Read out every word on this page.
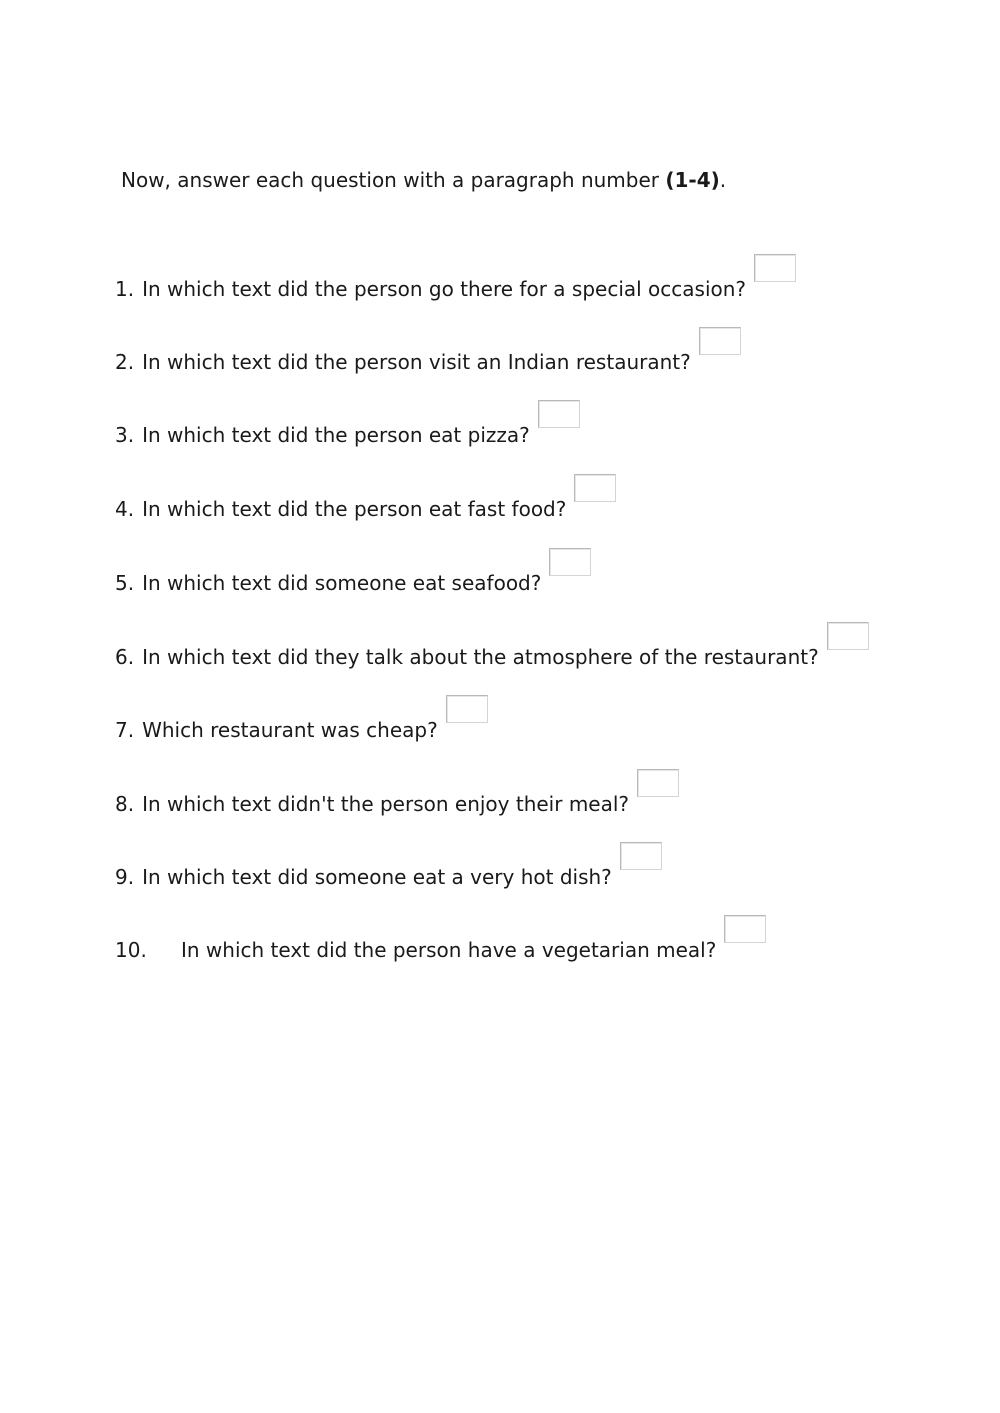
Now, answer each question with a paragraph number (1-4).
1. In which text did the person go there for a special occasion?
2. In which text did the person visit an Indian restaurant?
3. In which text did the person eat pizza?
4. In which text did the person eat fast food?
5. In which text did someone eat seafood?
6. In which text did they talk about the atmosphere of the restaurant?
7. Which restaurant was cheap?
8. In which text didn't the person enjoy their meal?
9. In which text did someone eat a very hot dish?
10.	In which text did the person have a vegetarian meal?
